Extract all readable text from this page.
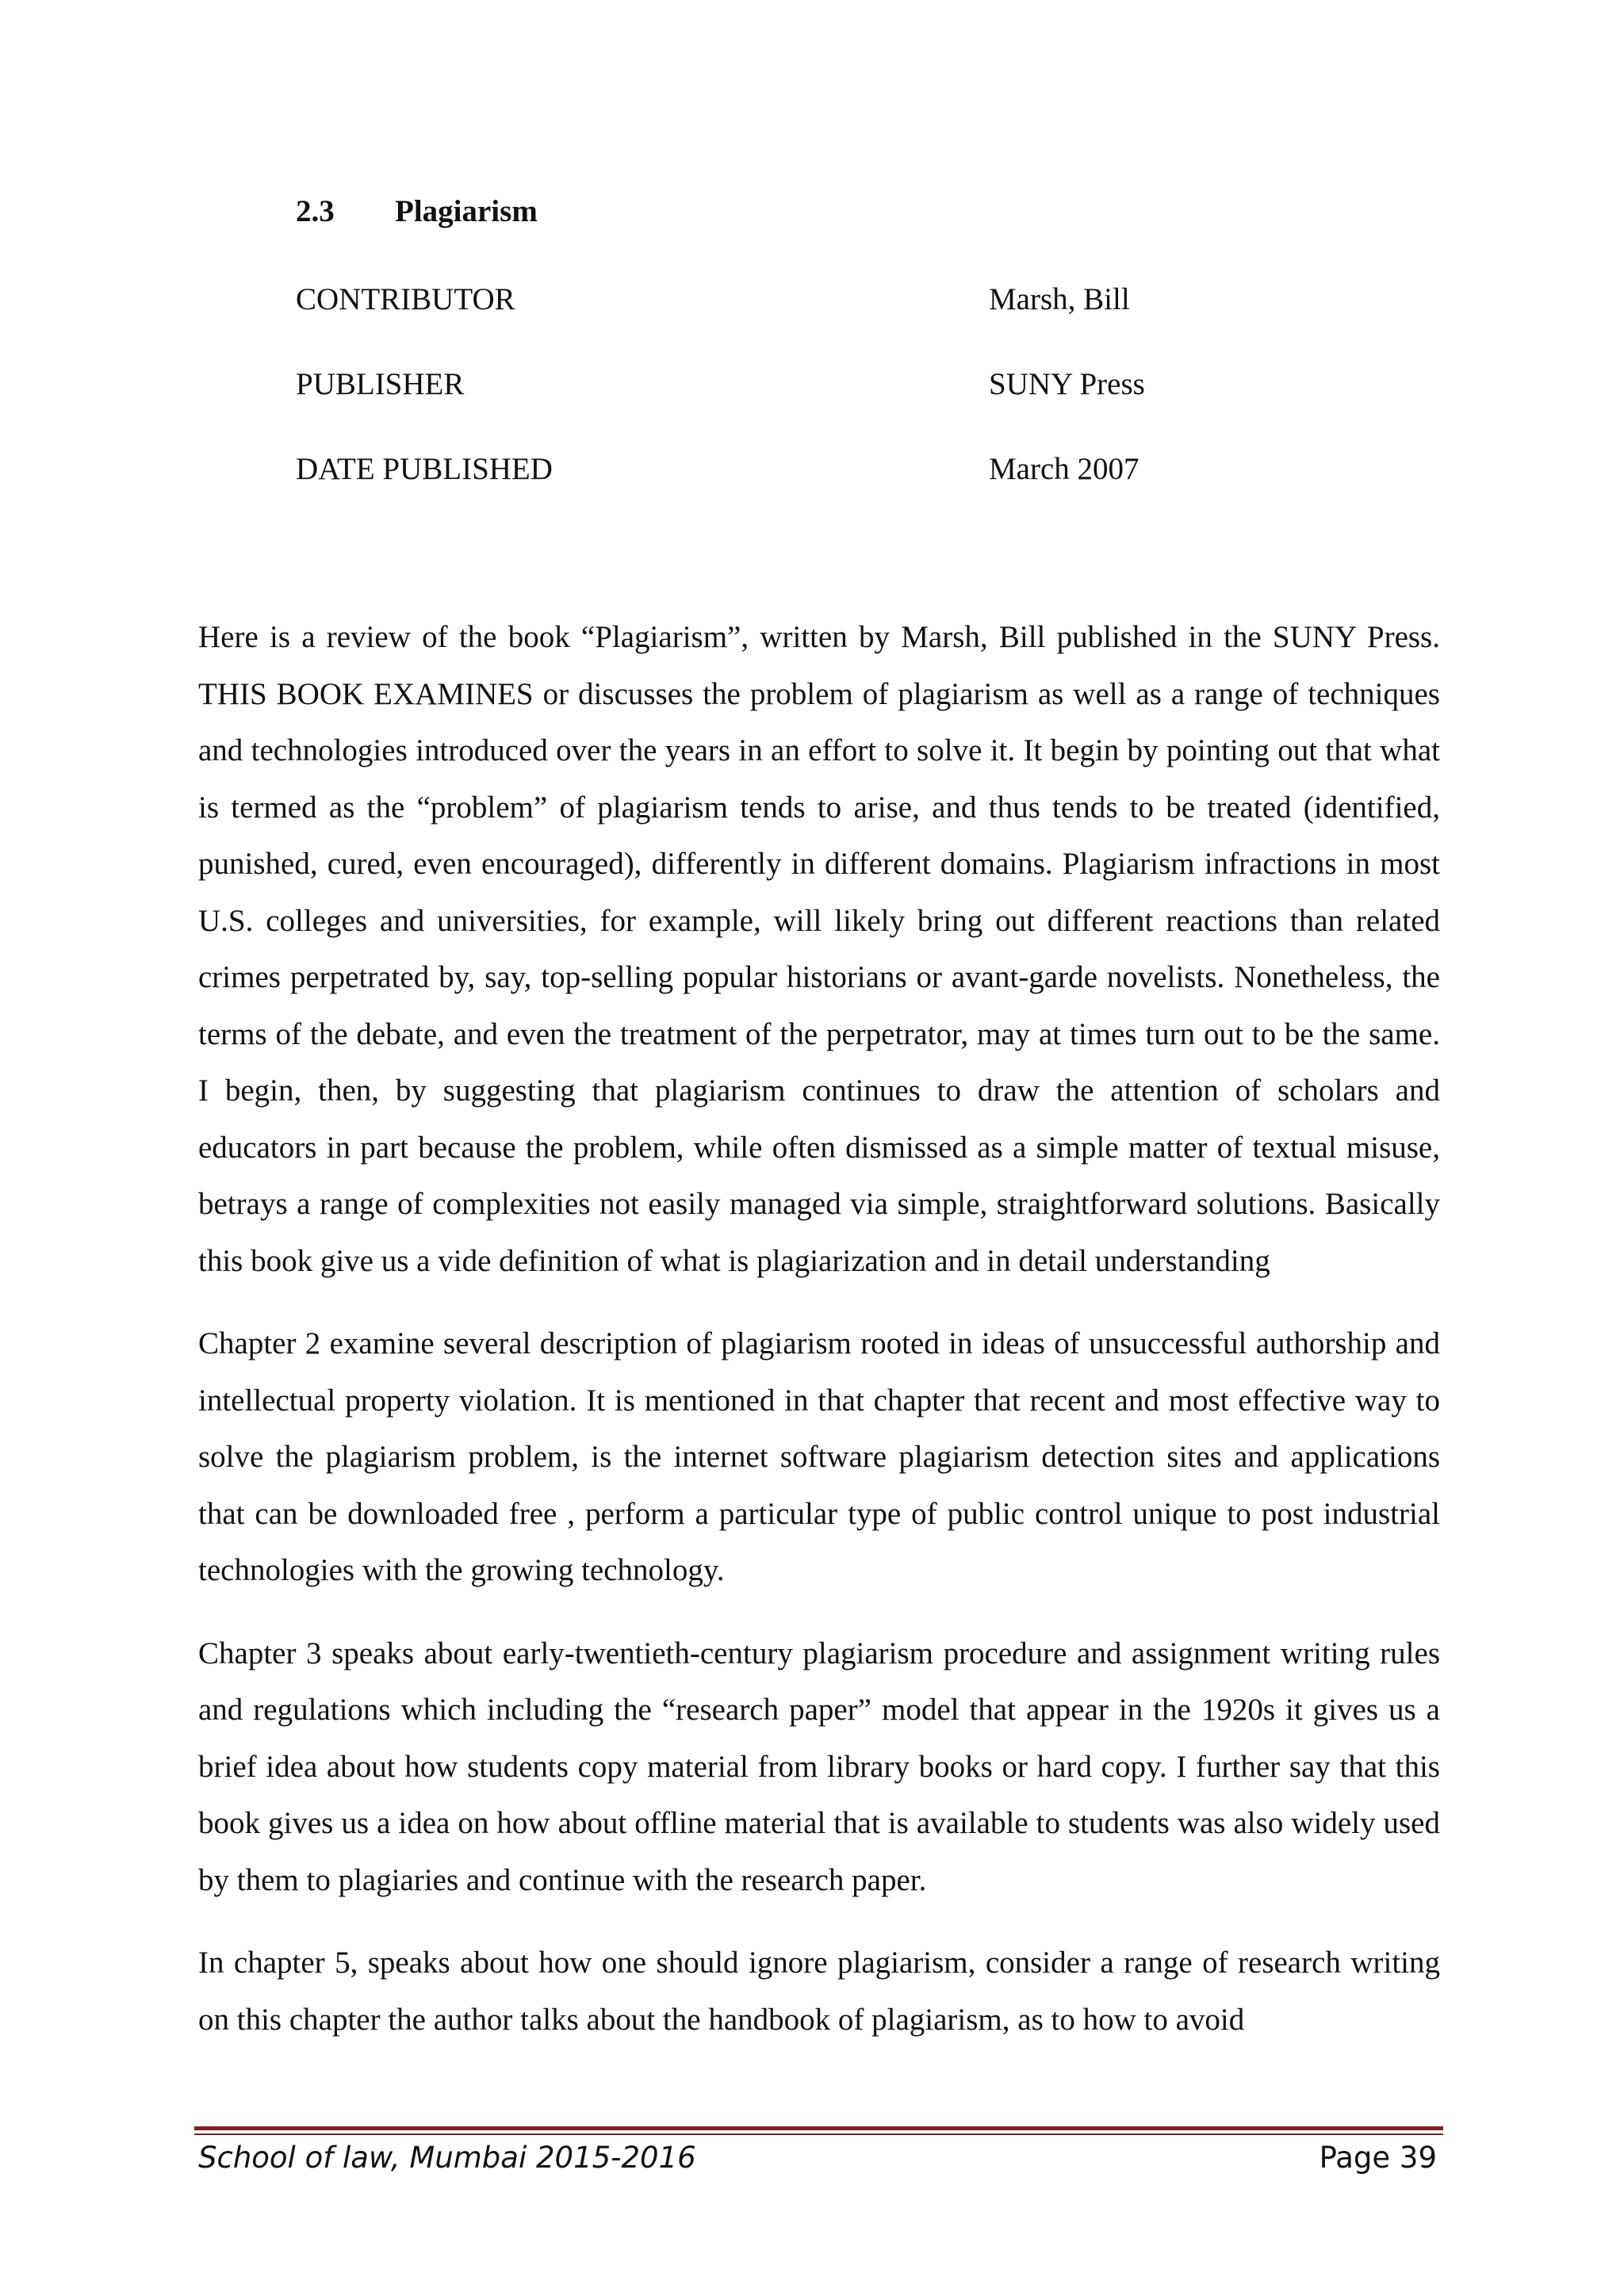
2.3 Plagiarism
CONTRIBUTOR	Marsh, Bill
PUBLISHER	SUNY Press
DATE PUBLISHED	March 2007

Here is a review of the book “Plagiarism”, written by Marsh, Bill published in the SUNY Press. THIS BOOK EXAMINES or discusses the problem of plagiarism as well as a range of techniques and technologies introduced over the years in an effort to solve it. It begin by pointing out that what is termed as the “problem” of plagiarism tends to arise, and thus tends to be treated (identified, punished, cured, even encouraged), differently in different domains. Plagiarism infractions in most U.S. colleges and universities, for example, will likely bring out different reactions than related crimes perpetrated by, say, top-selling popular historians or avant-garde novelists. Nonetheless, the terms of the debate, and even the treatment of the perpetrator, may at times turn out to be the same. I begin, then, by suggesting that plagiarism continues to draw the attention of scholars and educators in part because the problem, while often dismissed as a simple matter of textual misuse, betrays a range of complexities not easily managed via simple, straightforward solutions. Basically this book give us a vide definition of what is plagiarization and in detail understanding

Chapter 2 examine several description of plagiarism rooted in ideas of unsuccessful authorship and intellectual property violation. It is mentioned in that chapter that recent and most effective way to solve the plagiarism problem, is the internet software plagiarism detection sites and applications that can be downloaded free , perform a particular type of public control unique to post industrial technologies with the growing technology.

Chapter 3 speaks about early-twentieth-century plagiarism procedure and assignment writing rules and regulations which including the “research paper” model that appear in the 1920s it gives us a brief idea about how students copy material from library books or hard copy. I further say that this book gives us a idea on how about offline material that is available to students was also widely used by them to plagiaries and continue with the research paper.

In chapter 5, speaks about how one should ignore plagiarism, consider a range of research writing on this chapter the author talks about the handbook of plagiarism, as to how to avoid

School of law, Mumbai 2015-2016	Page 39
